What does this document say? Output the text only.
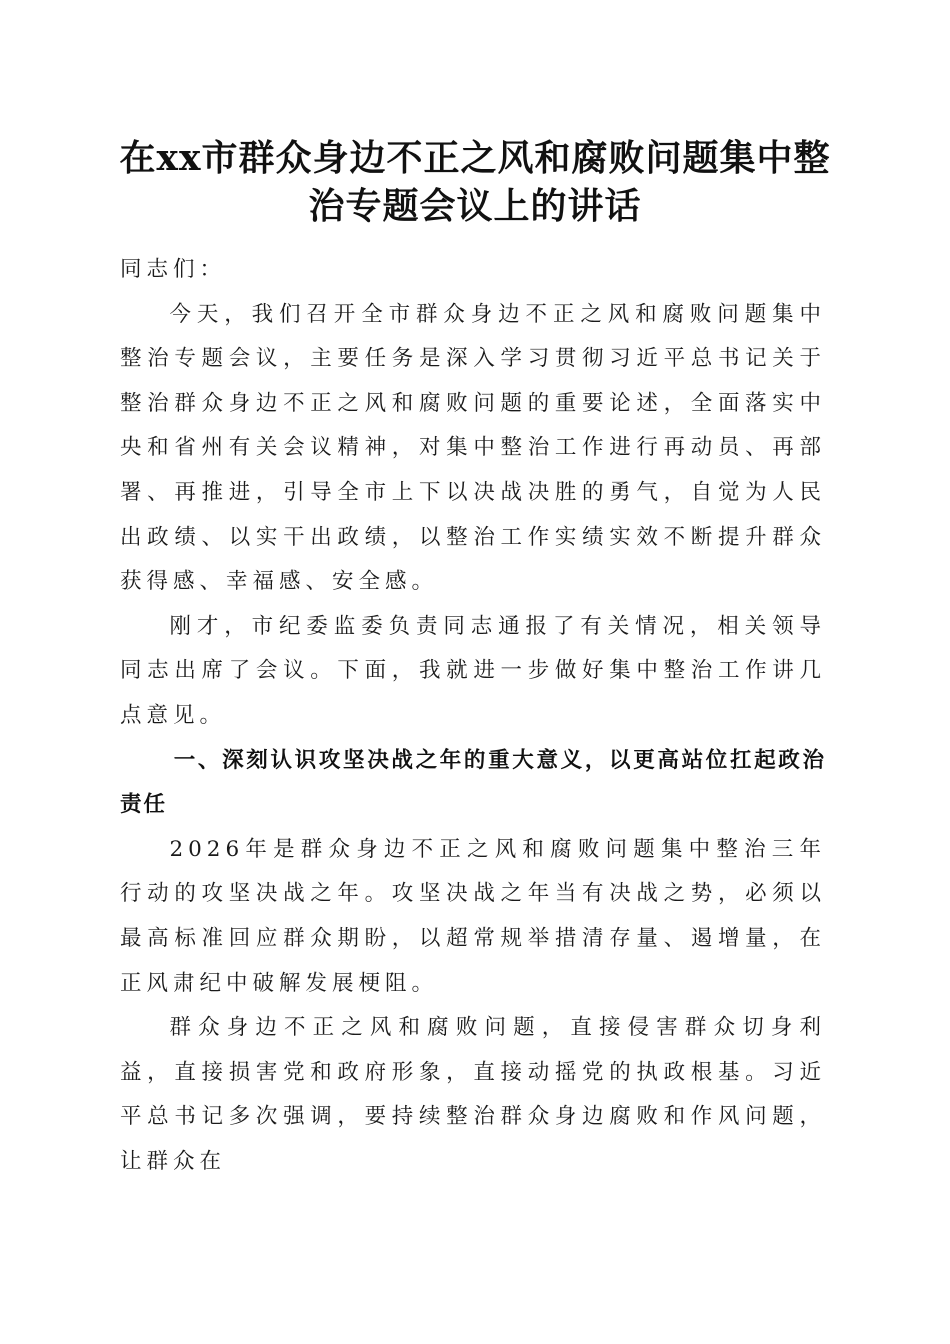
在xx市群众身边不正之风和腐败问题集中整
治专题会议上的讲话

同志们：

今天，我们召开全市群众身边不正之风和腐败问题集中整治专题会议，主要任务是深入学习贯彻习近平总书记关于整治群众身边不正之风和腐败问题的重要论述，全面落实中央和省州有关会议精神，对集中整治工作进行再动员、再部署、再推进，引导全市上下以决战决胜的勇气，自觉为人民出政绩、以实干出政绩，以整治工作实绩实效不断提升群众获得感、幸福感、安全感。

刚才，市纪委监委负责同志通报了有关情况，相关领导同志出席了会议。下面，我就进一步做好集中整治工作讲几点意见。

一、深刻认识攻坚决战之年的重大意义，以更高站位扛起政治责任

2026年是群众身边不正之风和腐败问题集中整治三年行动的攻坚决战之年。攻坚决战之年当有决战之势，必须以最高标准回应群众期盼，以超常规举措清存量、遏增量，在正风肃纪中破解发展梗阻。

群众身边不正之风和腐败问题，直接侵害群众切身利益，直接损害党和政府形象，直接动摇党的执政根基。习近平总书记多次强调，要持续整治群众身边腐败和作风问题，让群众在
